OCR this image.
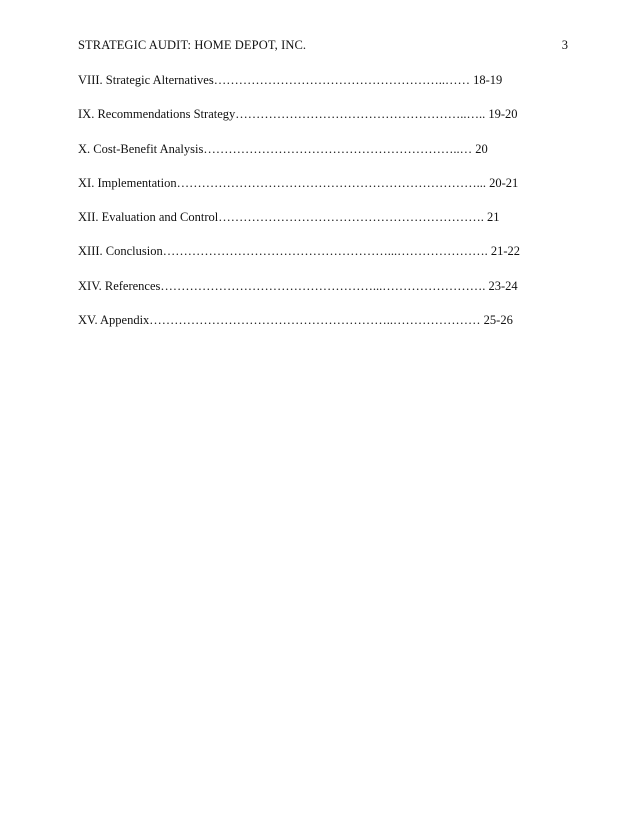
STRATEGIC AUDIT: HOME DEPOT, INC.	3
VIII. Strategic Alternatives………………………………………………..…… 18-19
IX. Recommendations Strategy………………………………………………..….. 19-20
X. Cost-Benefit Analysis……………………………………………………..… 20
XI. Implementation………………………………………………………………... 20-21
XII. Evaluation and Control………………………………………………………. 21
XIII. Conclusion………………………………………………...…………………. 21-22
XIV. References……………………………………………...……………………. 23-24
XV. Appendix…………………………………………………..………………… 25-26
